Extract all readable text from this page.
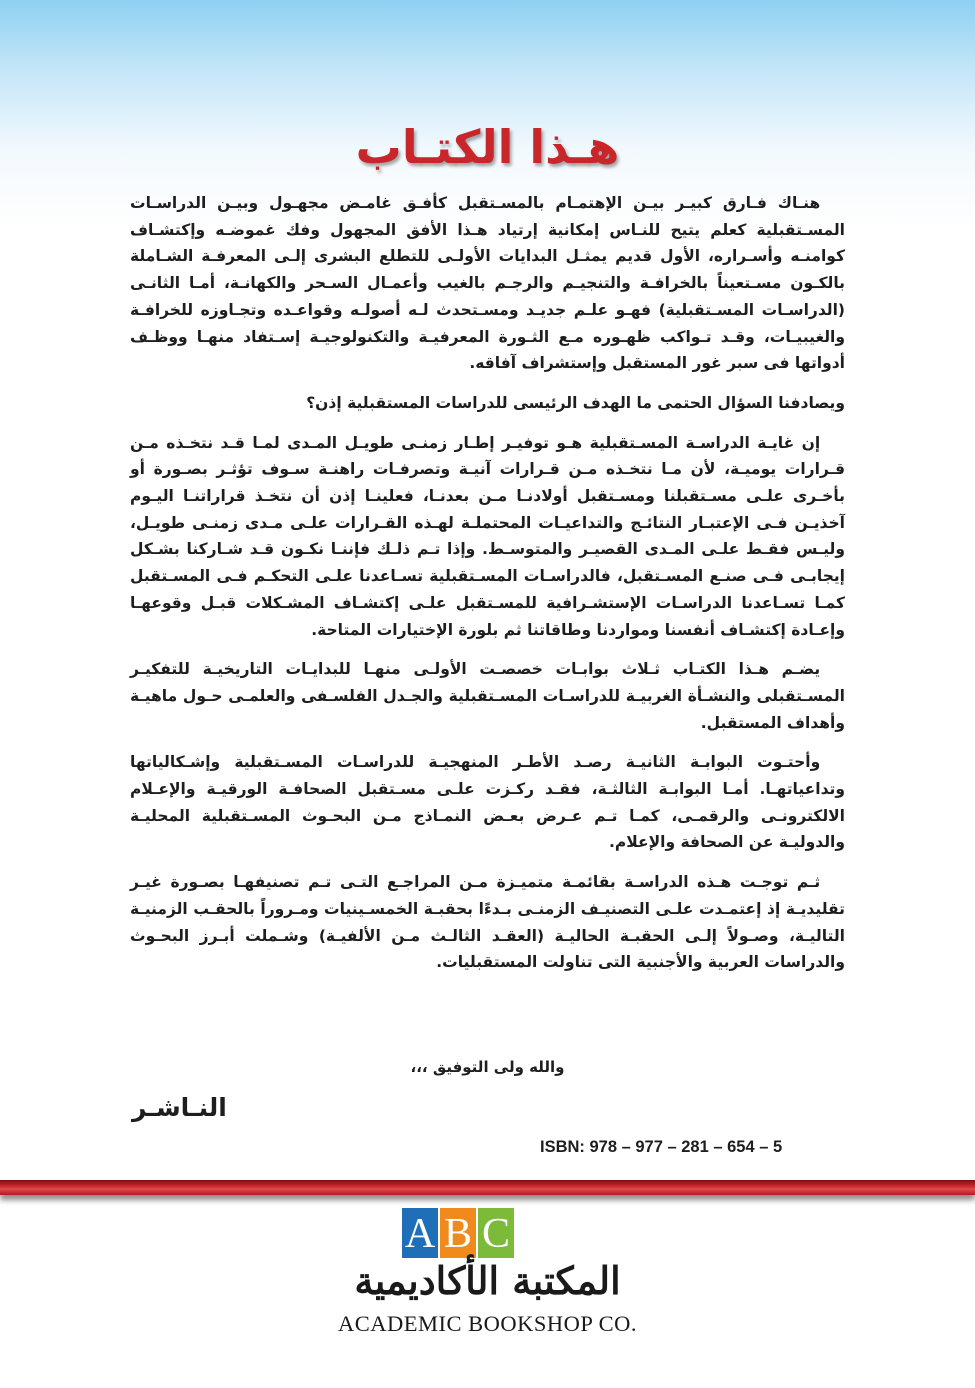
هـذا الكتـاب

هنـاك فـارق كبيـر بيـن الإهتمـام بالمسـتقبل كأفـق غامـض مجهـول وبيـن الدراسـات المسـتقبلية كعلم يتيح للنـاس إمكانية إرتياد هـذا الأفق المجهول وفك غموضـه وإكتشـاف كوامنـه وأسـراره، الأول قديم يمثـل البدايات الأولـى للتطلع البشرى إلـى المعرفـة الشـاملة بالكـون مسـتعيناً بالخرافـة والتنجيـم والرجـم بالغيب وأعمـال السـحر والكهانـة، أمـا الثانـى (الدراسـات المسـتقبلية) فهـو علـم جديـد ومسـتحدث لـه أصولـه وقواعـده وتجـاوزه للخرافـة والغيبيـات، وقـد تـواكب ظهـوره مـع الثـورة المعرفيـة والتكنولوجيـة إسـتفاد منهـا ووظـف أدواتها فى سبر غور المستقبل وإستشراف آفاقه.

ويصادفنا السؤال الحتمى ما الهدف الرئيسى للدراسات المستقبلية إذن؟

إن غايـة الدراسـة المسـتقبلية هـو توفيـر إطـار زمنـى طويـل المـدى لمـا قـد نتخـذه مـن قـرارات يوميـة، لأن مـا نتخـذه مـن قـرارات آنيـة وتصرفـات راهنـة سـوف تؤثـر بصـورة أو بأخـرى علـى مسـتقبلنا ومسـتقبل أولادنـا مـن بعدنـا، فعلينـا إذن أن نتخـذ قراراتنـا اليـوم آخذيـن فـى الإعتبـار النتائـج والتداعيـات المحتملـة لهـذه القـرارات علـى مـدى زمنـى طويـل، وليـس فقـط علـى المـدى القصيـر والمتوسـط. وإذا تـم ذلـك فإننـا نكـون قـد شـاركنا بشـكل إيجابـى فـى صنـع المسـتقبل، فالدراسـات المسـتقبلية تسـاعدنا علـى التحكـم فـى المسـتقبل كمـا تسـاعدنا الدراسـات الإستشـرافية للمسـتقبل علـى إكتشـاف المشـكلات قبـل وقوعهـا وإعـادة إكتشـاف أنفسنا ومواردنا وطاقاتنا ثم بلورة الإختيارات المتاحة.

يضـم هـذا الكتـاب ثـلاث بوابـات خصصـت الأولـى منهـا للبدايـات التاريخيـة للتفكيـر المسـتقبلى والنشـأة الغربيـة للدراسـات المسـتقبلية والجـدل الفلسـفى والعلمـى حـول ماهيـة وأهداف المستقبل.

وأحتـوت البوابـة الثانيـة رصـد الأطـر المنهجيـة للدراسـات المسـتقبلية وإشـكالياتها وتداعياتهـا. أمـا البوابـة الثالثـة، فقـد ركـزت علـى مسـتقبل الصحافـة الورقيـة والإعـلام الالكترونـى والرقمـى، كمـا تـم عـرض بعـض النمـاذج مـن البحـوث المسـتقبلية المحليـة والدوليـة عن الصحافة والإعلام.

ثـم توجـت هـذه الدراسـة بقائمـة متميـزة مـن المراجـع التـى تـم تصنيفهـا بصـورة غيـر تقليديـة إذ إعتمـدت علـى التصنيـف الزمنـى بـدءًا بحقبـة الخمسـينيات ومـروراً بالحقـب الزمنيـة التاليـة، وصـولاً إلـى الحقبـة الحاليـة (العقـد الثالـث مـن الألفيـة) وشـملت أبـرز البحـوث والدراسات العربية والأجنبية التى تناولت المستقبليات.

والله ولى التوفيق ،،،
النـاشـر
ISBN: 978 – 977 – 281 – 654 – 5
A B C
المكتبة الأكاديمية
ACADEMIC BOOKSHOP CO.
